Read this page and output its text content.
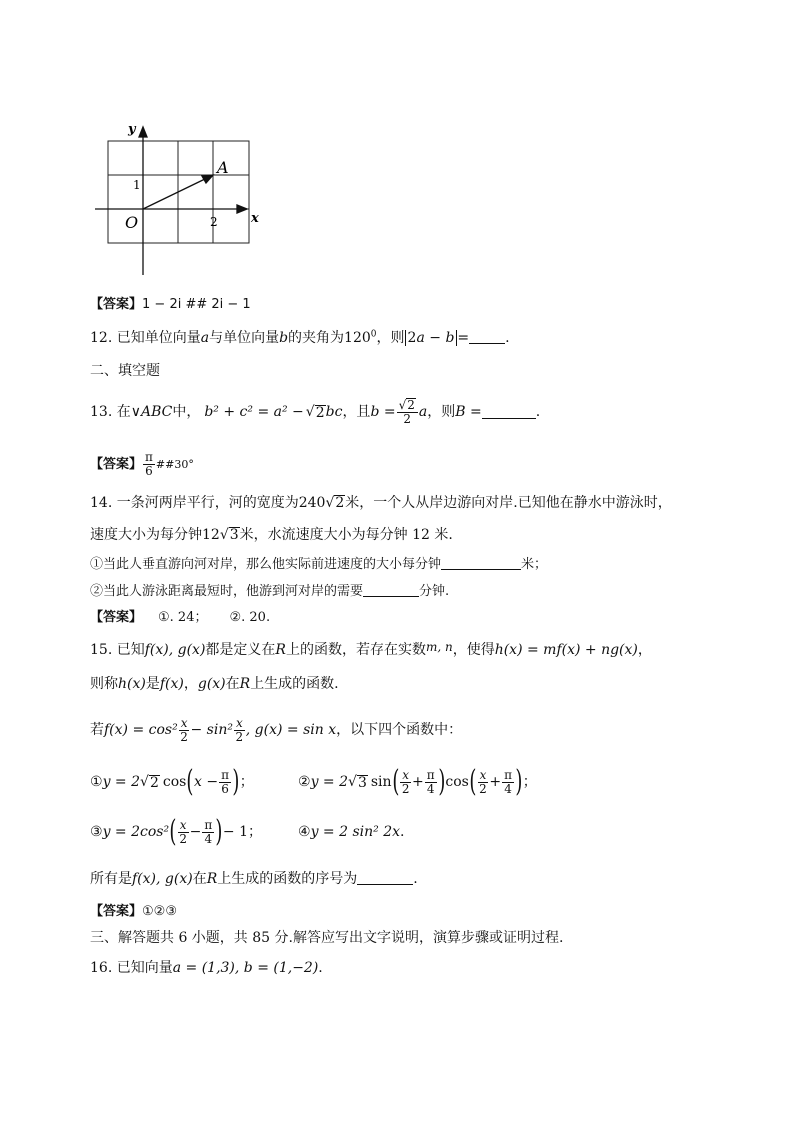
y
x
O
A
2
1
【答案】1 − 2i ## 2i − 1
12. 已知单位向量a与单位向量b的夹角为$120^0$，则 2a − b =	.
二、填空题
13. 在 ∨ABC 中， b² + c² = a² − √ 2 bc ，且 $b = \frac{√2}{2}$ a ，则 B =	.
【答案】 $\frac{\pi}{6}$ ##30°
14. 一条河两岸平行，河的宽度为240√2米，一个人从岸边游向对岸.已知他在静水中游泳时，
速度大小为每分钟12√3米，水流速度大小为每分钟 12 米.
①当此人垂直游向河对岸，那么他实际前进速度的大小每分钟	米；
②当此人游泳距离最短时，他游到河对岸的需要	分钟.
【答案】 ①. 24； ②. 20.
15. 已知f(x), g(x)都是定义在R上的函数，若存在实数m, n，使得h(x) = mf(x) + ng(x)，
则称h(x)是f(x)，g(x)在R上生成的函数.
若 $f(x) = \cos^2 \frac{x}{2} - \sin^2 \frac{x}{2}$ , g(x) = sin x ，以下四个函数中：
① y = 2 √ 2 cos ( $x - \frac{\pi}{6}$ ) ；	② y = 2 √ 3 sin ( $\frac{x}{2} + \frac{\pi}{4}$ ) cos ( $\frac{x}{2} + \frac{\pi}{4}$ ) ；
③ y = 2cos² ( $\frac{x}{2} - \frac{\pi}{4}$ ) − 1 ；	④ y = 2 sin² 2x .
所有是f(x), g(x)在R上生成的函数的序号为	.
【答案】①②③
三、解答题共 6 小题，共 85 分.解答应写出文字说明，演算步骤或证明过程.
16. 已知向量a = (1,3), b = (1,−2).
